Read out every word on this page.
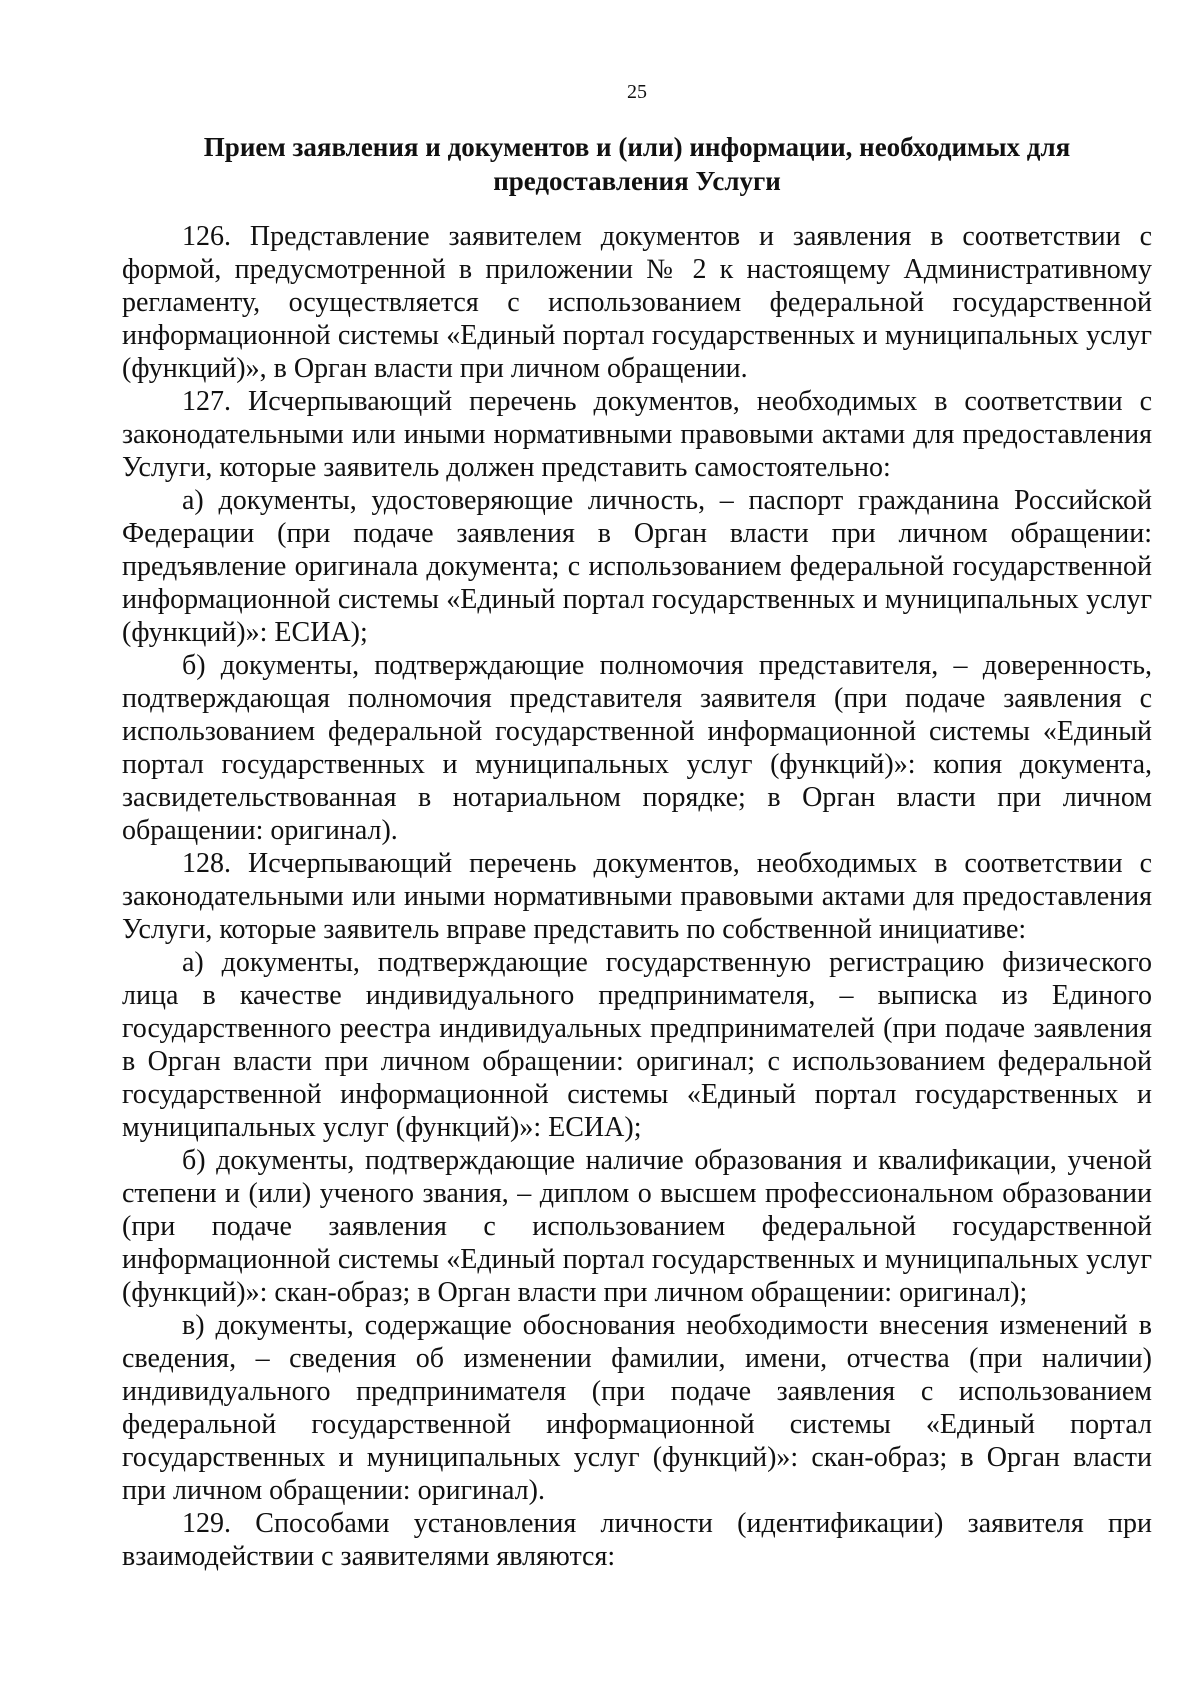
25
Прием заявления и документов и (или) информации, необходимых для
предоставления Услуги

126. Представление заявителем документов и заявления в соответствии с формой, предусмотренной в приложении № 2 к настоящему Административному регламенту, осуществляется с использованием федеральной государственной информационной системы «Единый портал государственных и муниципальных услуг (функций)», в Орган власти при личном обращении.

127. Исчерпывающий перечень документов, необходимых в соответствии с законодательными или иными нормативными правовыми актами для предоставления Услуги, которые заявитель должен представить самостоятельно:

а) документы, удостоверяющие личность, – паспорт гражданина Российской Федерации (при подаче заявления в Орган власти при личном обращении: предъявление оригинала документа; с использованием федеральной государственной информационной системы «Единый портал государственных и муниципальных услуг (функций)»: ЕСИА);

б) документы, подтверждающие полномочия представителя, – доверенность, подтверждающая полномочия представителя заявителя (при подаче заявления с использованием федеральной государственной информационной системы «Единый портал государственных и муниципальных услуг (функций)»: копия документа, засвидетельствованная в нотариальном порядке; в Орган власти при личном обращении: оригинал).

128. Исчерпывающий перечень документов, необходимых в соответствии с законодательными или иными нормативными правовыми актами для предоставления Услуги, которые заявитель вправе представить по собственной инициативе:

а) документы, подтверждающие государственную регистрацию физического лица в качестве индивидуального предпринимателя, – выписка из Единого государственного реестра индивидуальных предпринимателей (при подаче заявления в Орган власти при личном обращении: оригинал; с использованием федеральной государственной информационной системы «Единый портал государственных и муниципальных услуг (функций)»: ЕСИА);

б) документы, подтверждающие наличие образования и квалификации, ученой степени и (или) ученого звания, – диплом о высшем профессиональном образовании (при подаче заявления с использованием федеральной государственной информационной системы «Единый портал государственных и муниципальных услуг (функций)»: скан-образ; в Орган власти при личном обращении: оригинал);

в) документы, содержащие обоснования необходимости внесения изменений в сведения, – сведения об изменении фамилии, имени, отчества (при наличии) индивидуального предпринимателя (при подаче заявления с использованием федеральной государственной информационной системы «Единый портал государственных и муниципальных услуг (функций)»: скан-образ; в Орган власти при личном обращении: оригинал).

129. Способами установления личности (идентификации) заявителя при взаимодействии с заявителями являются:
